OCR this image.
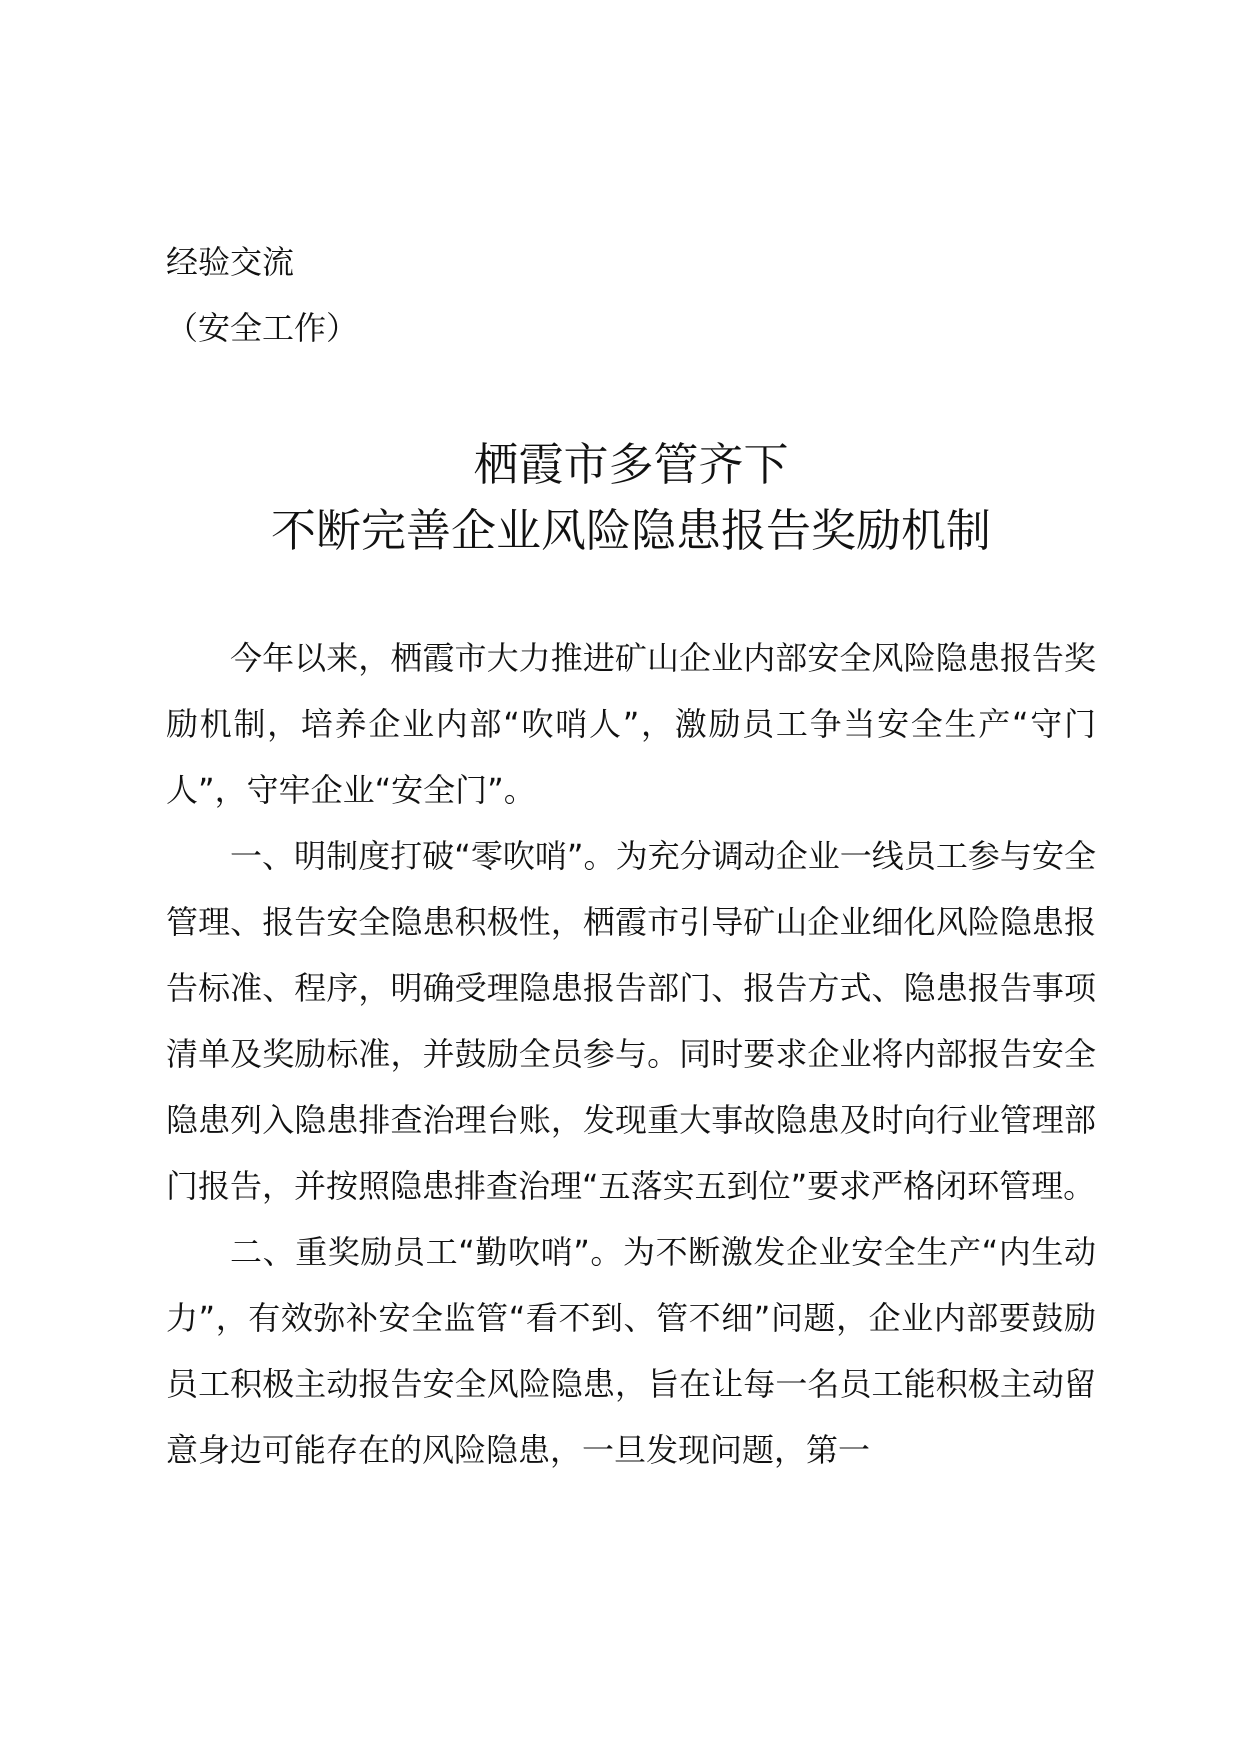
经验交流

（安全工作）

栖霞市多管齐下
不断完善企业风险隐患报告奖励机制

今年以来，栖霞市大力推进矿山企业内部安全风险隐患报告奖励机制，培养企业内部“吹哨人”，激励员工争当安全生产“守门人”，守牢企业“安全门”。

一、明制度打破“零吹哨”。为充分调动企业一线员工参与安全管理、报告安全隐患积极性，栖霞市引导矿山企业细化风险隐患报告标准、程序，明确受理隐患报告部门、报告方式、隐患报告事项清单及奖励标准，并鼓励全员参与。同时要求企业将内部报告安全隐患列入隐患排查治理台账，发现重大事故隐患及时向行业管理部门报告，并按照隐患排查治理“五落实五到位”要求严格闭环管理。

二、重奖励员工“勤吹哨”。为不断激发企业安全生产“内生动力”，有效弥补安全监管“看不到、管不细”问题，企业内部要鼓励员工积极主动报告安全风险隐患，旨在让每一名员工能积极主动留意身边可能存在的风险隐患，一旦发现问题，第一
